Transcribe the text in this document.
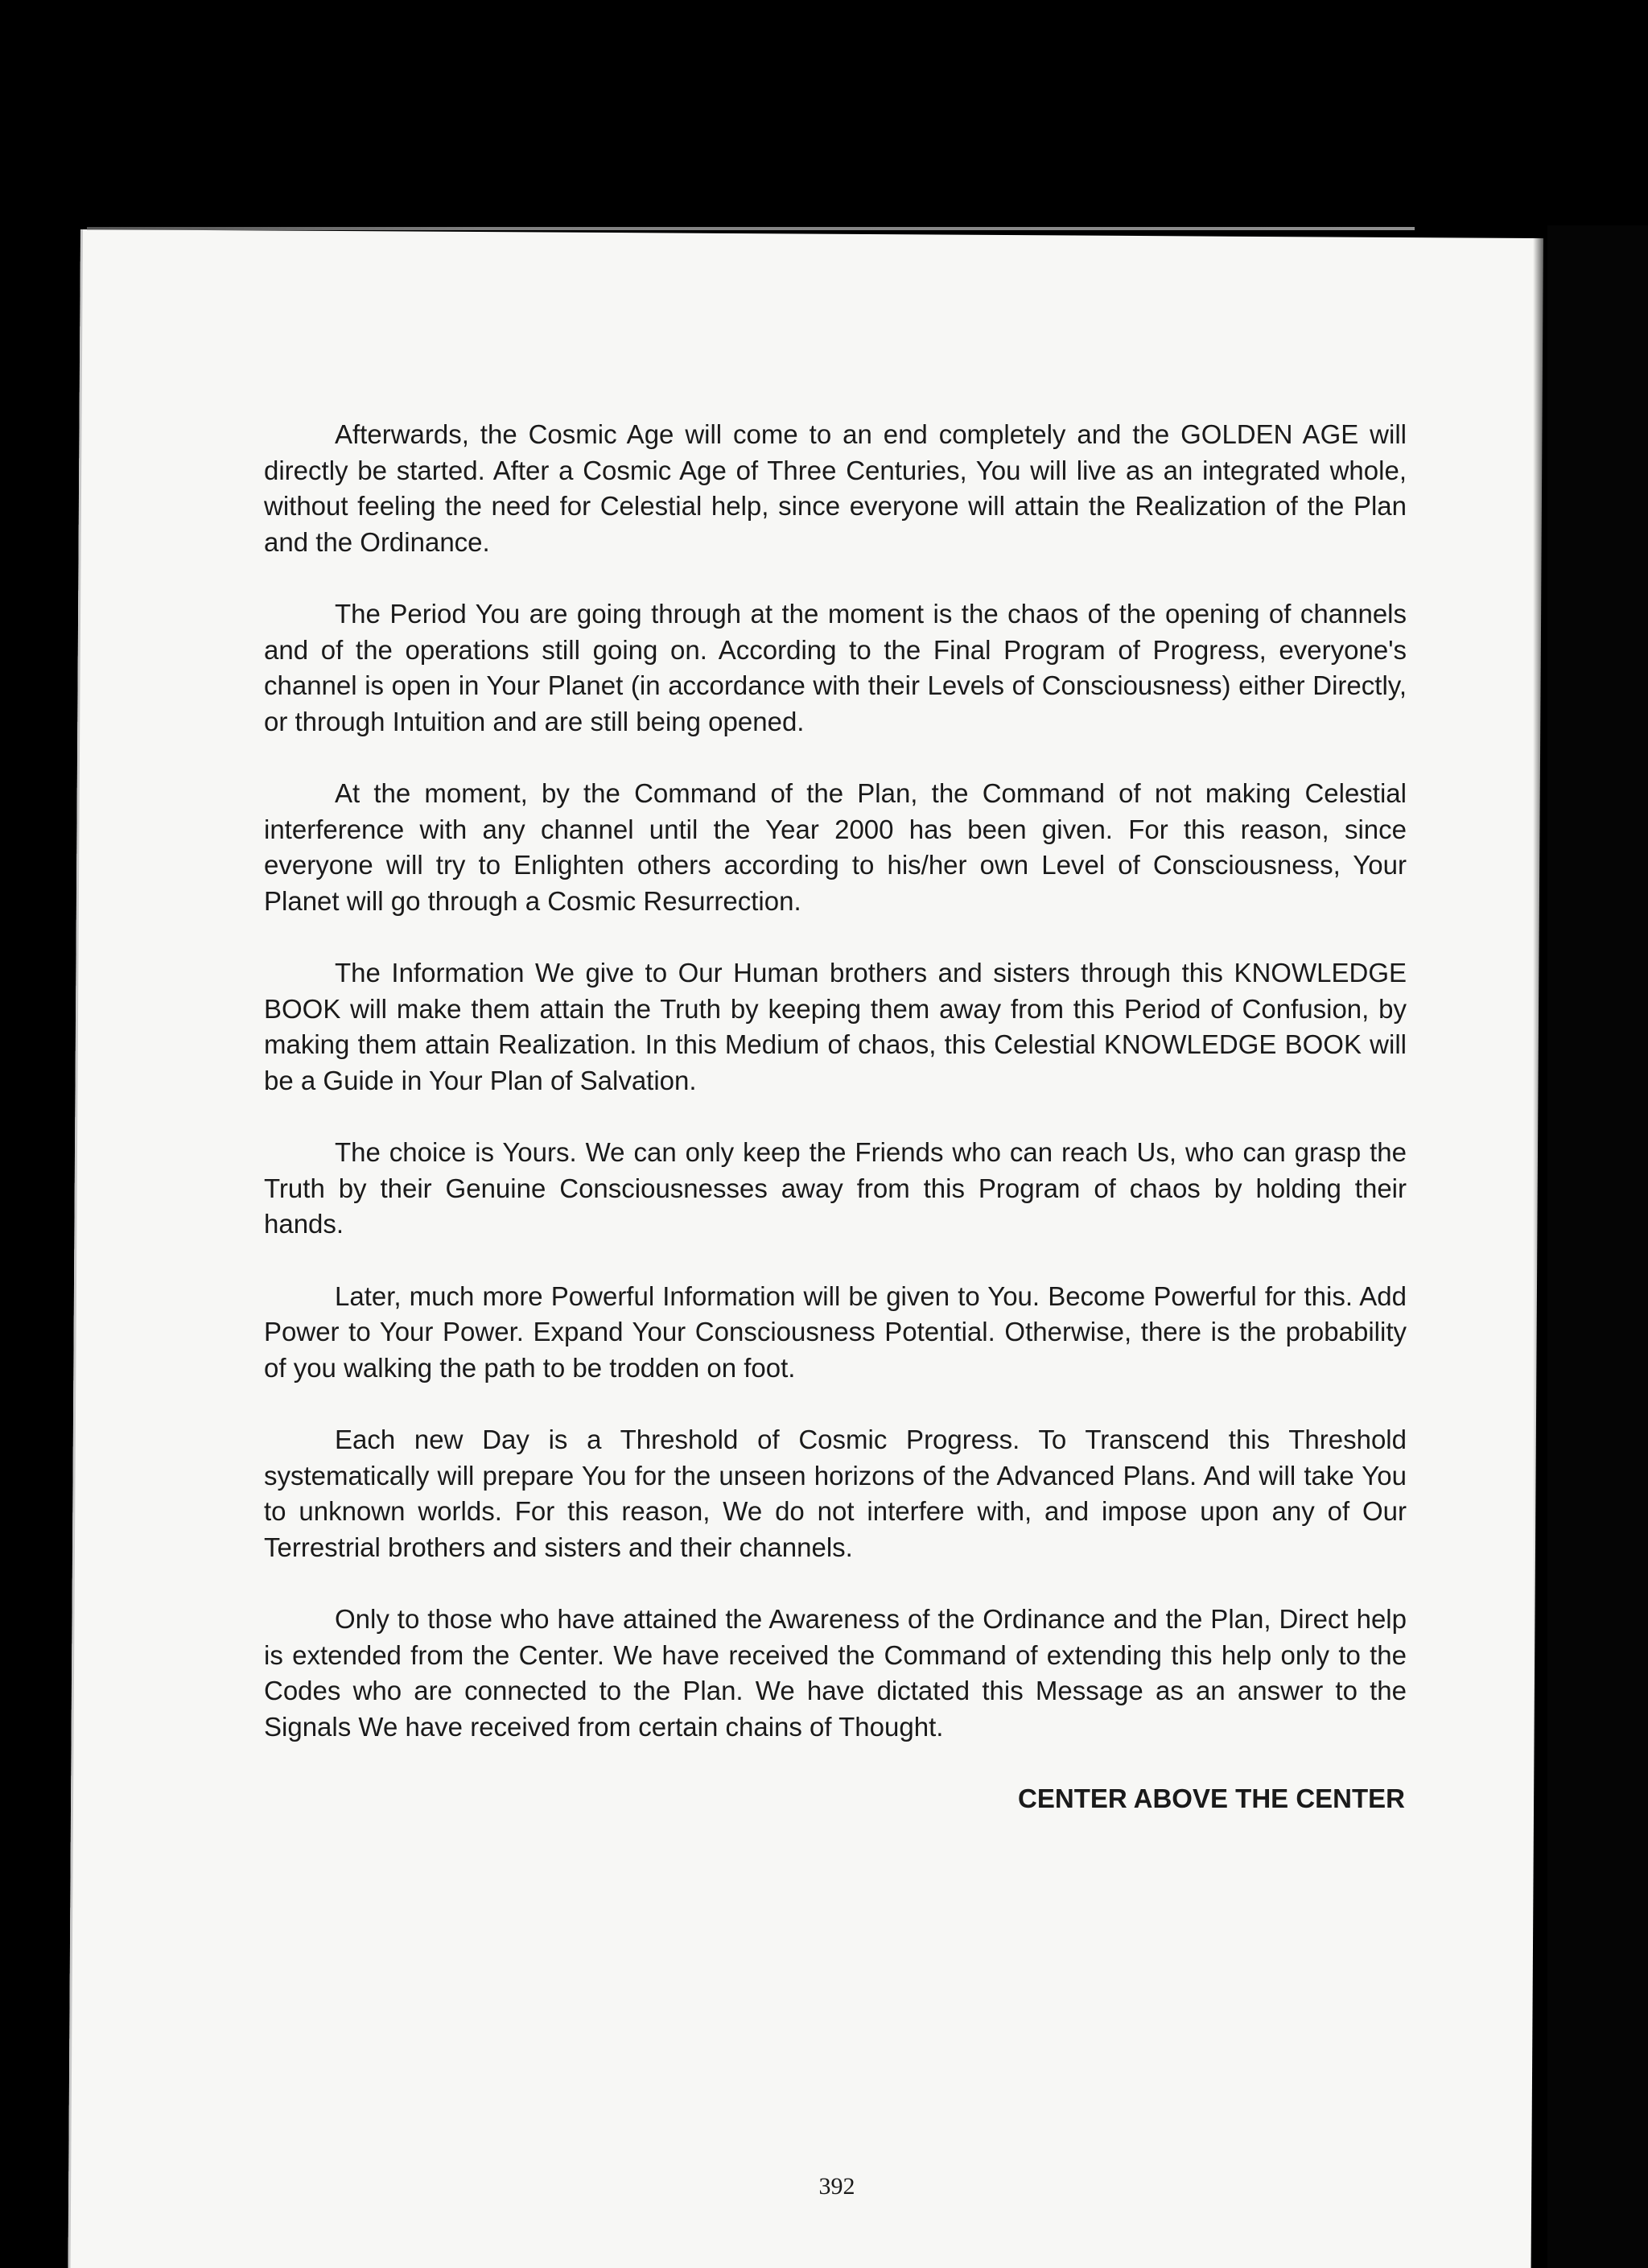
Afterwards, the Cosmic Age will come to an end completely and the GOLDEN AGE will directly be started. After a Cosmic Age of Three Centuries, You will live as an integrated whole, without feeling the need for Celestial help, since everyone will attain the Realization of the Plan and the Ordinance.

The Period You are going through at the moment is the chaos of the opening of channels and of the operations still going on. According to the Final Program of Progress, everyone's channel is open in Your Planet (in accordance with their Levels of Consciousness) either Directly, or through Intuition and are still being opened.

At the moment, by the Command of the Plan, the Command of not making Celestial interference with any channel until the Year 2000 has been given. For this reason, since everyone will try to Enlighten others according to his/her own Level of Consciousness, Your Planet will go through a Cosmic Resurrection.

The Information We give to Our Human brothers and sisters through this KNOWLEDGE BOOK will make them attain the Truth by keeping them away from this Period of Confusion, by making them attain Realization. In this Medium of chaos, this Celestial KNOWLEDGE BOOK will be a Guide in Your Plan of Salvation.

The choice is Yours. We can only keep the Friends who can reach Us, who can grasp the Truth by their Genuine Consciousnesses away from this Program of chaos by holding their hands.

Later, much more Powerful Information will be given to You. Become Powerful for this. Add Power to Your Power. Expand Your Consciousness Potential. Otherwise, there is the probability of you walking the path to be trodden on foot.

Each new Day is a Threshold of Cosmic Progress. To Transcend this Threshold systematically will prepare You for the unseen horizons of the Advanced Plans. And will take You to unknown worlds. For this reason, We do not interfere with, and impose upon any of Our Terrestrial brothers and sisters and their channels.

Only to those who have attained the Awareness of the Ordinance and the Plan, Direct help is extended from the Center. We have received the Command of extending this help only to the Codes who are connected to the Plan. We have dictated this Message as an answer to the Signals We have received from certain chains of Thought.

CENTER ABOVE THE CENTER
392
